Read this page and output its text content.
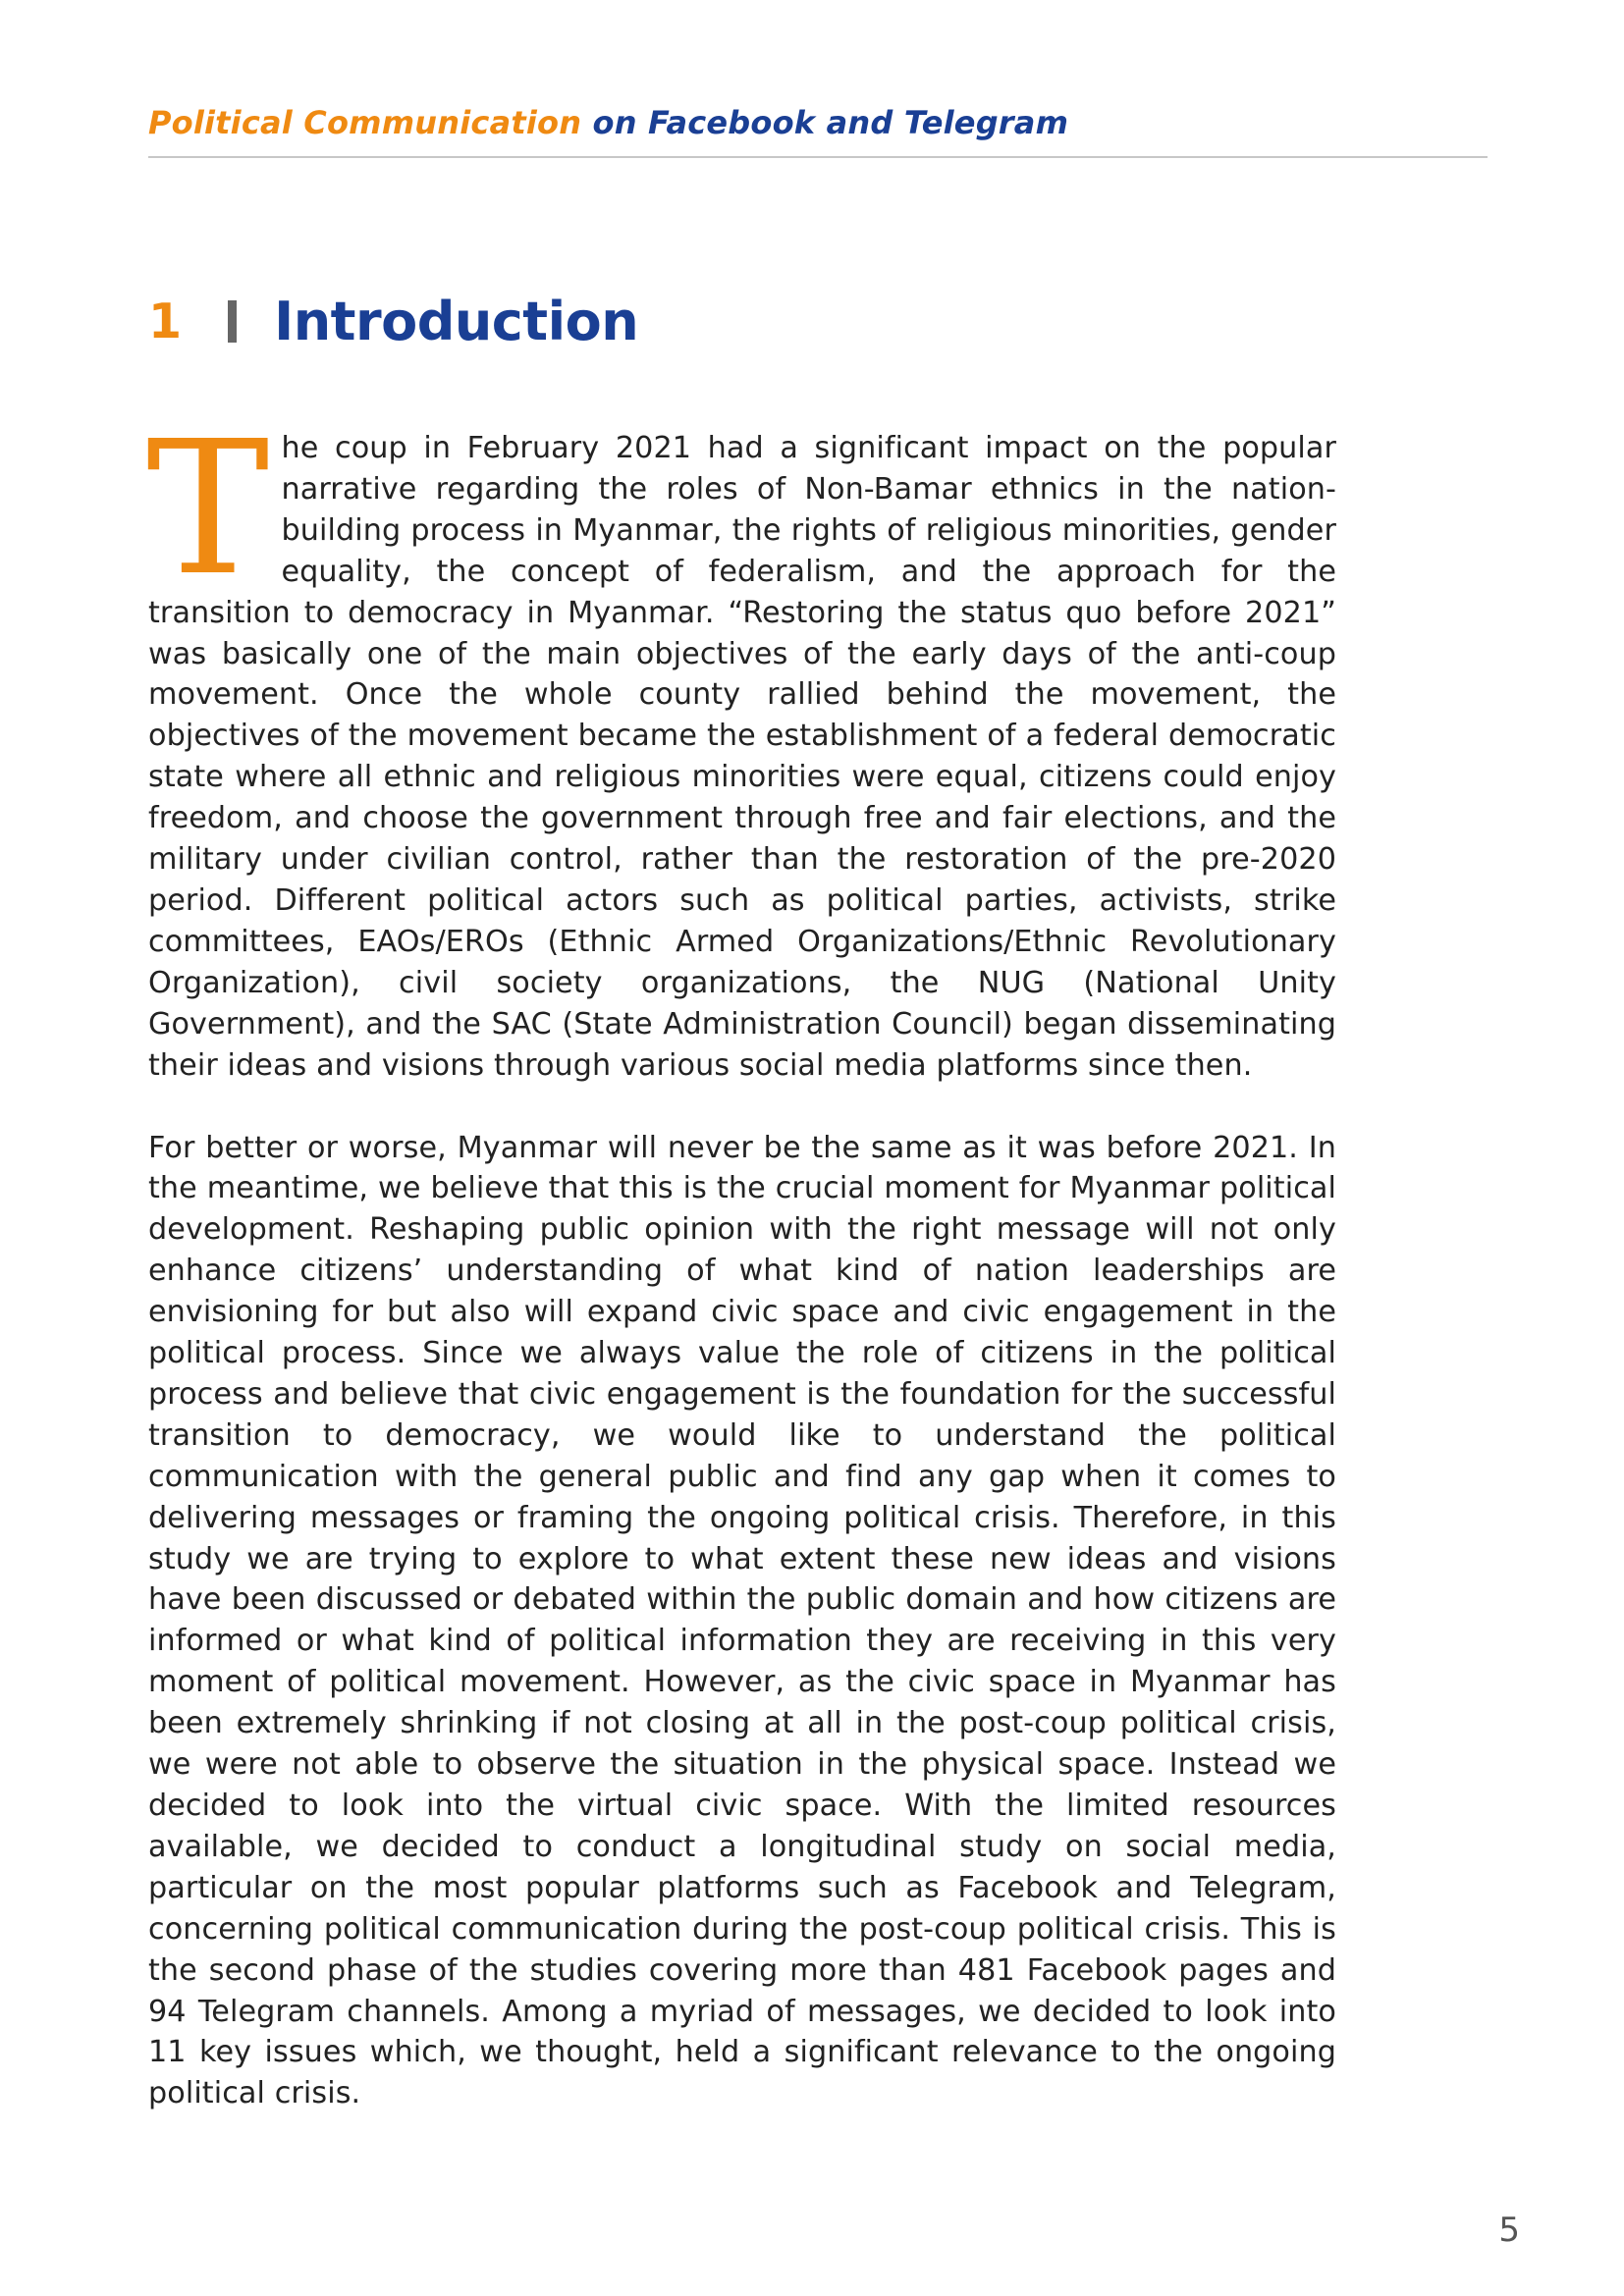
Political Communication on Facebook and Telegram
1 Introduction

T he coup in February 2021 had a significant impact on the popular narrative regarding the roles of Non-Bamar ethnics in the nation-building process in Myanmar, the rights of religious minorities, gender equality, the concept of federalism, and the approach for the transition to democracy in Myanmar. “Restoring the status quo before 2021” was basically one of the main objectives of the early days of the anti-coup movement. Once the whole county rallied behind the movement, the objectives of the movement became the establishment of a federal democratic state where all ethnic and religious minorities were equal, citizens could enjoy freedom, and choose the government through free and fair elections, and the military under civilian control, rather than the restoration of the pre-2020 period. Different political actors such as political parties, activists, strike committees, EAOs/EROs (Ethnic Armed Organizations/Ethnic Revolutionary Organization), civil society organizations, the NUG (National Unity Government), and the SAC (State Administration Council) began disseminating their ideas and visions through various social media platforms since then.

For better or worse, Myanmar will never be the same as it was before 2021. In the meantime, we believe that this is the crucial moment for Myanmar political development. Reshaping public opinion with the right message will not only enhance citizens’ understanding of what kind of nation leaderships are envisioning for but also will expand civic space and civic engagement in the political process. Since we always value the role of citizens in the political process and believe that civic engagement is the foundation for the successful transition to democracy, we would like to understand the political communication with the general public and find any gap when it comes to delivering messages or framing the ongoing political crisis. Therefore, in this study we are trying to explore to what extent these new ideas and visions have been discussed or debated within the public domain and how citizens are informed or what kind of political information they are receiving in this very moment of political movement. However, as the civic space in Myanmar has been extremely shrinking if not closing at all in the post-coup political crisis, we were not able to observe the situation in the physical space. Instead we decided to look into the virtual civic space. With the limited resources available, we decided to conduct a longitudinal study on social media, particular on the most popular platforms such as Facebook and Telegram, concerning political communication during the post-coup political crisis. This is the second phase of the studies covering more than 481 Facebook pages and 94 Telegram channels. Among a myriad of messages, we decided to look into 11 key issues which, we thought, held a significant relevance to the ongoing political crisis.

5
